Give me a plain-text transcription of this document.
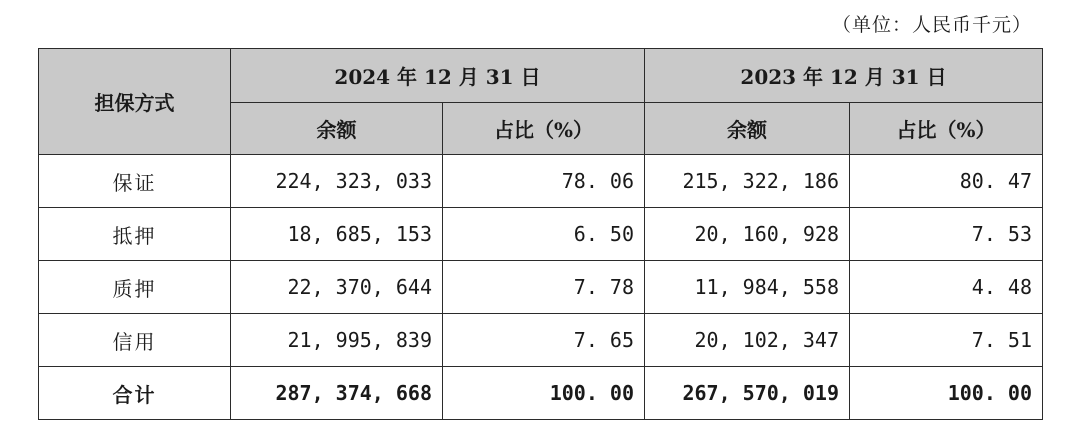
（单位：人民币千元）
担保方式	2024 年 12 月 31 日		2023 年 12 月 31 日	
	余额	占比（%）	余额	占比（%）
保证	224, 323, 033	78. 06	215, 322, 186	80. 47
抵押	18, 685, 153	6. 50	20, 160, 928	7. 53
质押	22, 370, 644	7. 78	11, 984, 558	4. 48
信用	21, 995, 839	7. 65	20, 102, 347	7. 51
合计	287, 374, 668	100. 00	267, 570, 019	100. 00
